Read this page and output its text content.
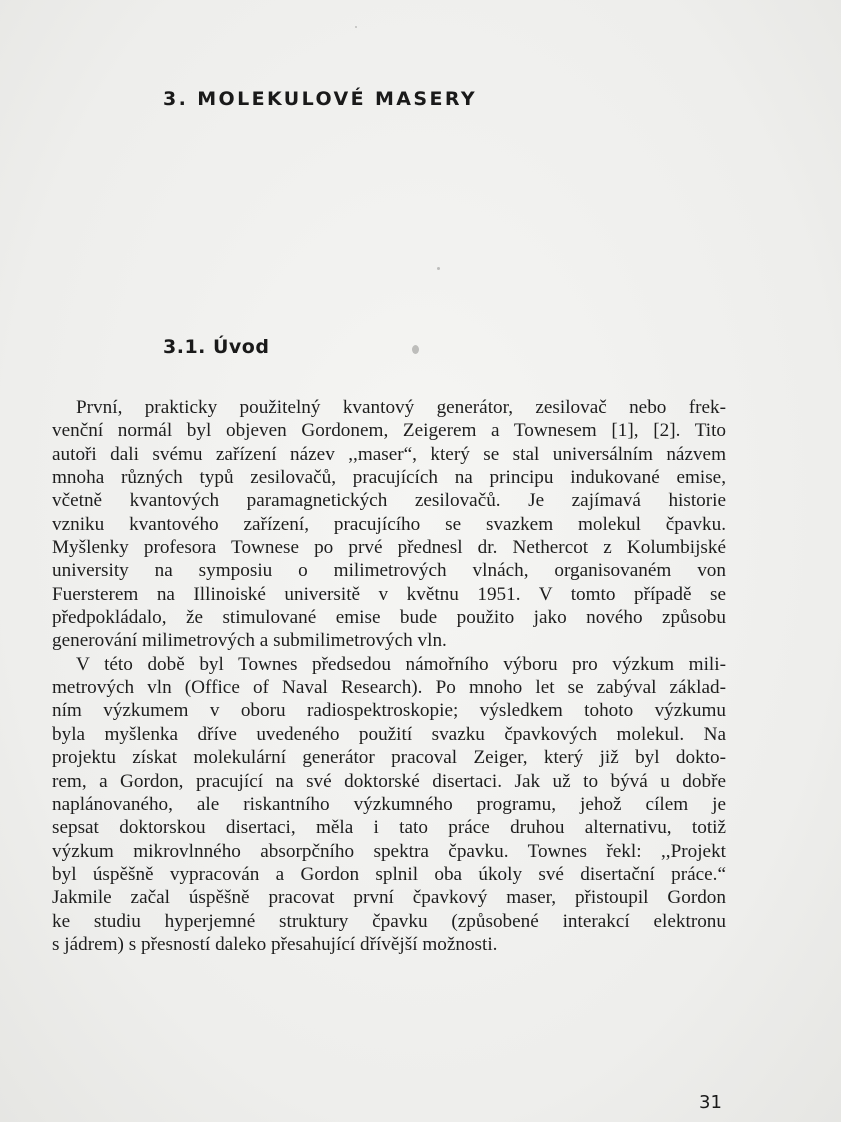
3. MOLEKULOVÉ MASERY
3.1. Úvod

První, prakticky použitelný kvantový generátor, zesilovač nebo frek-
venční normál byl objeven Gordonem, Zeigerem a Townesem [1], [2]. Tito
autoři dali svému zařízení název ,,maser“, který se stal universálním názvem
mnoha různých typů zesilovačů, pracujících na principu indukované emise,
včetně kvantových paramagnetických zesilovačů. Je zajímavá historie
vzniku kvantového zařízení, pracujícího se svazkem molekul čpavku.
Myšlenky profesora Townese po prvé přednesl dr. Nethercot z Kolumbijské
university na symposiu o milimetrových vlnách, organisovaném von
Fuersterem na Illinoiské universitě v květnu 1951. V tomto případě se
předpokládalo, že stimulované emise bude použito jako nového způsobu
generování milimetrových a submilimetrových vln.

V této době byl Townes předsedou námořního výboru pro výzkum mili-
metrových vln (Office of Naval Research). Po mnoho let se zabýval základ-
ním výzkumem v oboru radiospektroskopie; výsledkem tohoto výzkumu
byla myšlenka dříve uvedeného použití svazku čpavkových molekul. Na
projektu získat molekulární generátor pracoval Zeiger, který již byl dokto-
rem, a Gordon, pracující na své doktorské disertaci. Jak už to bývá u dobře
naplánovaného, ale riskantního výzkumného programu, jehož cílem je
sepsat doktorskou disertaci, měla i tato práce druhou alternativu, totiž
výzkum mikrovlnného absorpčního spektra čpavku. Townes řekl: ,,Projekt
byl úspěšně vypracován a Gordon splnil oba úkoly své disertační práce.“
Jakmile začal úspěšně pracovat první čpavkový maser, přistoupil Gordon
ke studiu hyperjemné struktury čpavku (způsobené interakcí elektronu
s jádrem) s přesností daleko přesahující dřívější možnosti.

31
